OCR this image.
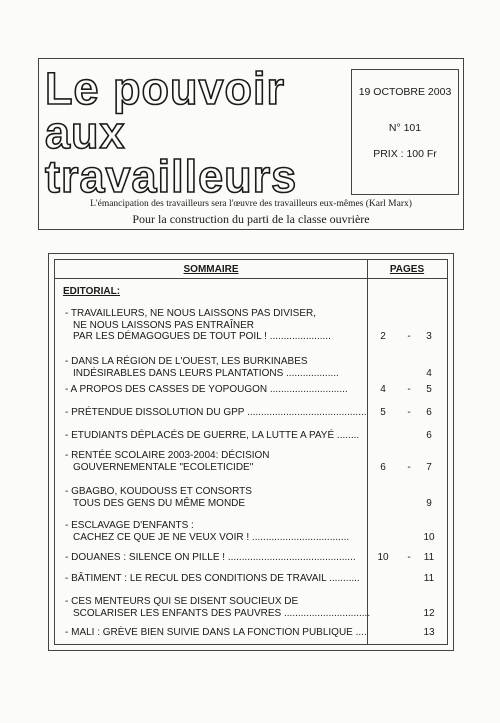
Le pouvoir
aux
travailleurs
19 OCTOBRE 2003
N° 101
PRIX : 100 Fr
L'émancipation des travailleurs sera l'œuvre des travailleurs eux-mêmes (Karl Marx)
Pour la construction du parti de la classe ouvrière
SOMMAIRE	PAGES
EDITORIAL:
- TRAVAILLEURS, NE NOUS LAISSONS PAS DIVISER,
NE NOUS LAISSONS PAS ENTRAÎNER
PAR LES DÉMAGOGUES DE TOUT POIL ! ......................	2	-	3
- DANS LA RÉGION DE L'OUEST, LES BURKINABES
INDÉSIRABLES DANS LEURS PLANTATIONS ...................	4
- A PROPOS DES CASSES DE YOPOUGON ............................	4	-	5
- PRÉTENDUE DISSOLUTION DU GPP ...........................................	5	-	6
- ETUDIANTS DÉPLACÉS DE GUERRE, LA LUTTE A PAYÉ ........	6
- RENTÉE SCOLAIRE 2003-2004: DÉCISION
GOUVERNEMENTALE "ECOLETICIDE"	6	-	7
- GBAGBO, KOUDOUSS ET CONSORTS
TOUS DES GENS DU MÊME MONDE	9
- ESCLAVAGE D'ENFANTS :
CACHEZ CE QUE JE NE VEUX VOIR ! ...................................	10
- DOUANES : SILENCE ON PILLE ! ..............................................	10	-	11
- BÂTIMENT : LE RECUL DES CONDITIONS DE TRAVAIL ...........	11
- CES MENTEURS QUI SE DISENT SOUCIEUX DE
SCOLARISER LES ENFANTS DES PAUVRES ...............................	12
- MALI : GRÈVE BIEN SUIVIE DANS LA FONCTION PUBLIQUE ....	13
